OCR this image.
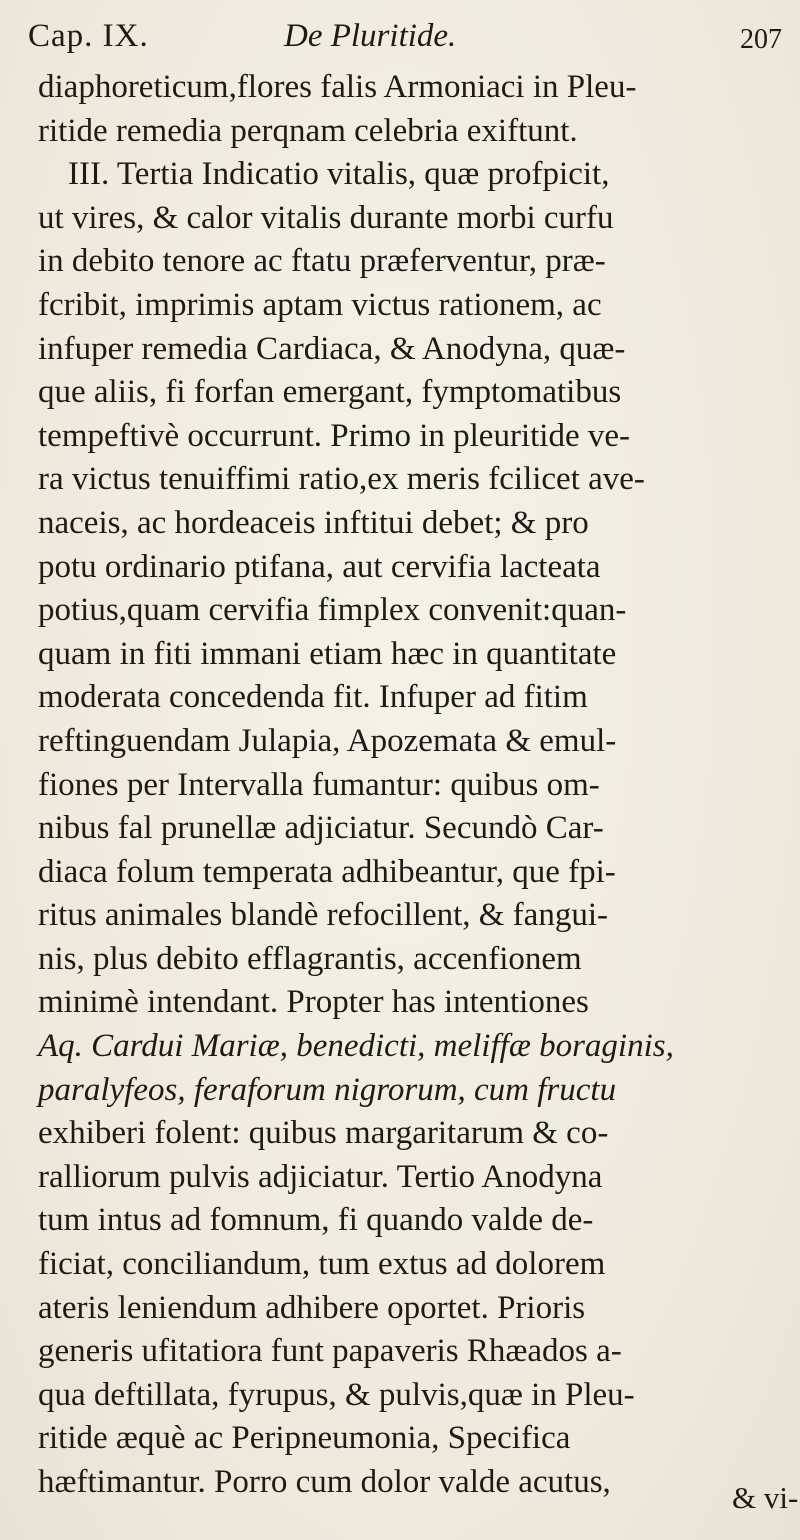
Cap. IX.	De Pluritide.	207
diaphoreticum,flores falis Armoniaci in Pleu-
ritide remedia perqnam celebria exiftunt.
III. Tertia Indicatio vitalis, quæ profpicit,
ut vires, & calor vitalis durante morbi curfu
in debito tenore ac ftatu præferventur, præ-
fcribit, imprimis aptam victus rationem, ac
infuper remedia Cardiaca, & Anodyna, quæ-
que aliis, fi forfan emergant, fymptomatibus
tempeftivè occurrunt. Primo in pleuritide ve-
ra victus tenuiffimi ratio,ex meris fcilicet ave-
naceis, ac hordeaceis inftitui debet; & pro
potu ordinario ptifana, aut cervifia lacteata
potius,quam cervifia fimplex convenit:quan-
quam in fiti immani etiam hæc in quantitate
moderata concedenda fit. Infuper ad fitim
reftinguendam Julapia, Apozemata & emul-
fiones per Intervalla fumantur: quibus om-
nibus fal prunellæ adjiciatur. Secundò Car-
diaca folum temperata adhibeantur, que fpi-
ritus animales blandè refocillent, & fangui-
nis, plus debito efflagrantis, accenfionem
minimè intendant. Propter has intentiones
Aq. Cardui Mariæ, benedicti, meliffæ boraginis,
paralyfeos, feraforum nigrorum, cum fructu
exhiberi folent: quibus margaritarum & co-
ralliorum pulvis adjiciatur. Tertio Anodyna
tum intus ad fomnum, fi quando valde de-
ficiat, conciliandum, tum extus ad dolorem
ateris leniendum adhibere oportet. Prioris
generis ufitatiora funt papaveris Rhæados a-
qua deftillata, fyrupus, & pulvis,quæ in Pleu-
ritide æquè ac Peripneumonia, Specifica
hæftimantur. Porro cum dolor valde acutus,	& vi-
